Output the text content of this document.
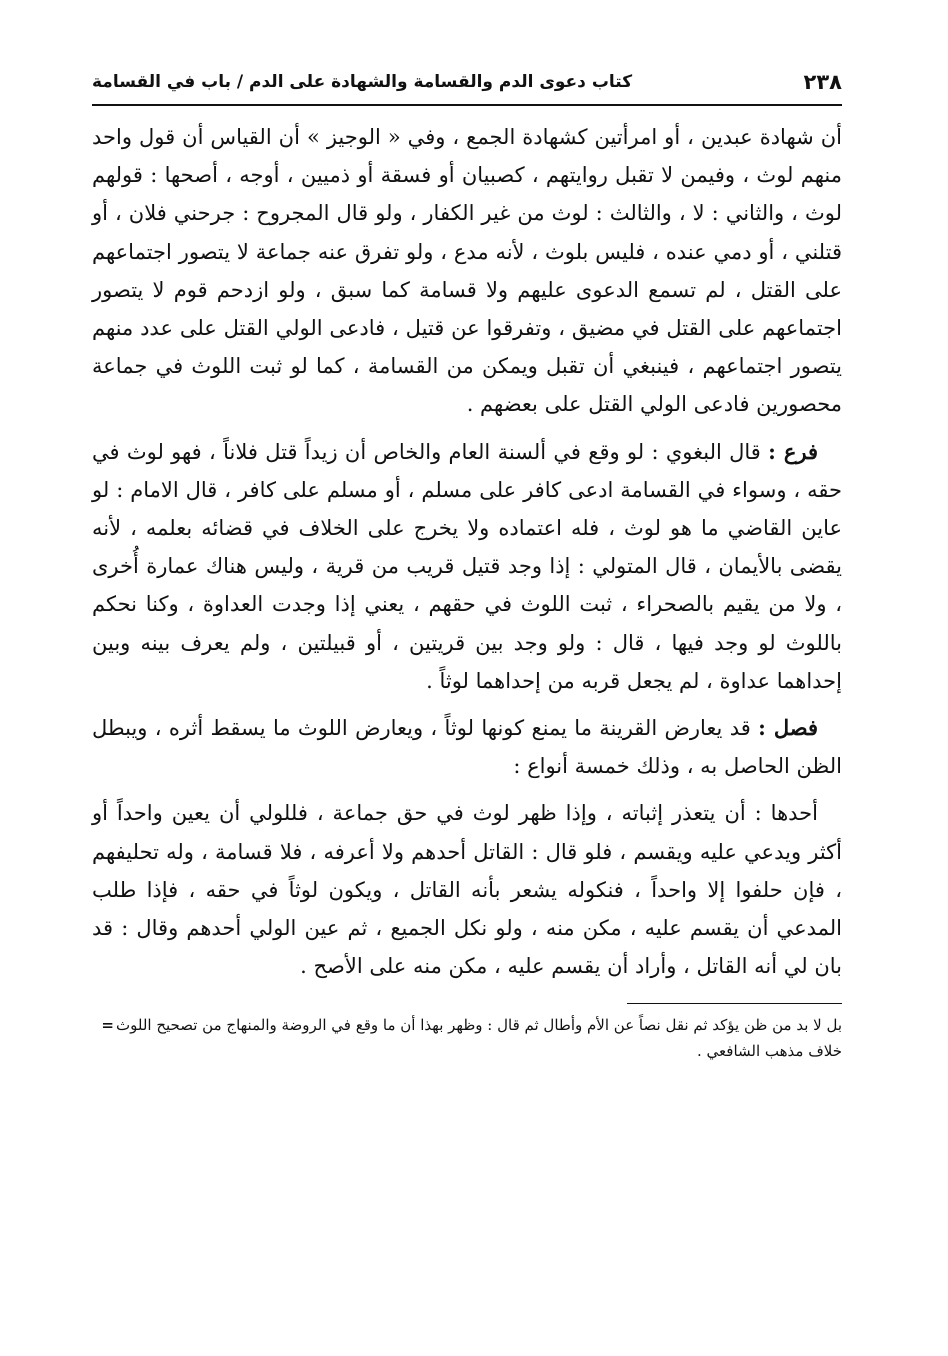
٢٣٨
كتاب دعوى الدم والقسامة والشهادة على الدم / باب في القسامة

أن شهادة عبدين ، أو امرأتين كشهادة الجمع ، وفي « الوجيز » أن القياس أن قول واحد منهم لوث ، وفيمن لا تقبل روايتهم ، كصبيان أو فسقة أو ذميين ، أوجه ، أصحها : قولهم لوث ، والثاني : لا ، والثالث : لوث من غير الكفار ، ولو قال المجروح : جرحني فلان ، أو قتلني ، أو دمي عنده ، فليس بلوث ، لأنه مدع ، ولو تفرق عنه جماعة لا يتصور اجتماعهم على القتل ، لم تسمع الدعوى عليهم ولا قسامة كما سبق ، ولو ازدحم قوم لا يتصور اجتماعهم على القتل في مضيق ، وتفرقوا عن قتيل ، فادعى الولي القتل على عدد منهم يتصور اجتماعهم ، فينبغي أن تقبل ويمكن من القسامة ، كما لو ثبت اللوث في جماعة محصورين فادعى الولي القتل على بعضهم .

فرع : قال البغوي : لو وقع في ألسنة العام والخاص أن زيداً قتل فلاناً ، فهو لوث في حقه ، وسواء في القسامة ادعى كافر على مسلم ، أو مسلم على كافر ، قال الامام : لو عاين القاضي ما هو لوث ، فله اعتماده ولا يخرج على الخلاف في قضائه بعلمه ، لأنه يقضى بالأيمان ، قال المتولي : إذا وجد قتيل قريب من قرية ، وليس هناك عمارة أُخرى ، ولا من يقيم بالصحراء ، ثبت اللوث في حقهم ، يعني إذا وجدت العداوة ، وكنا نحكم باللوث لو وجد فيها ، قال : ولو وجد بين قريتين ، أو قبيلتين ، ولم يعرف بينه وبين إحداهما عداوة ، لم يجعل قربه من إحداهما لوثاً .

فصل : قد يعارض القرينة ما يمنع كونها لوثاً ، ويعارض اللوث ما يسقط أثره ، ويبطل الظن الحاصل به ، وذلك خمسة أنواع :

أحدها : أن يتعذر إثباته ، وإذا ظهر لوث في حق جماعة ، فللولي أن يعين واحداً أو أكثر ويدعي عليه ويقسم ، فلو قال : القاتل أحدهم ولا أعرفه ، فلا قسامة ، وله تحليفهم ، فإن حلفوا إلا واحداً ، فنكوله يشعر بأنه القاتل ، ويكون لوثاً في حقه ، فإذا طلب المدعي أن يقسم عليه ، مكن منه ، ولو نكل الجميع ، ثم عين الولي أحدهم وقال : قد بان لي أنه القاتل ، وأراد أن يقسم عليه ، مكن منه على الأصح .

بل لا بد من ظن يؤكد ثم نقل نصاً عن الأم وأطال ثم قال : وظهر بهذا أن ما وقع في الروضة والمنهاج من تصحيح اللوث خلاف مذهب الشافعي .
=
